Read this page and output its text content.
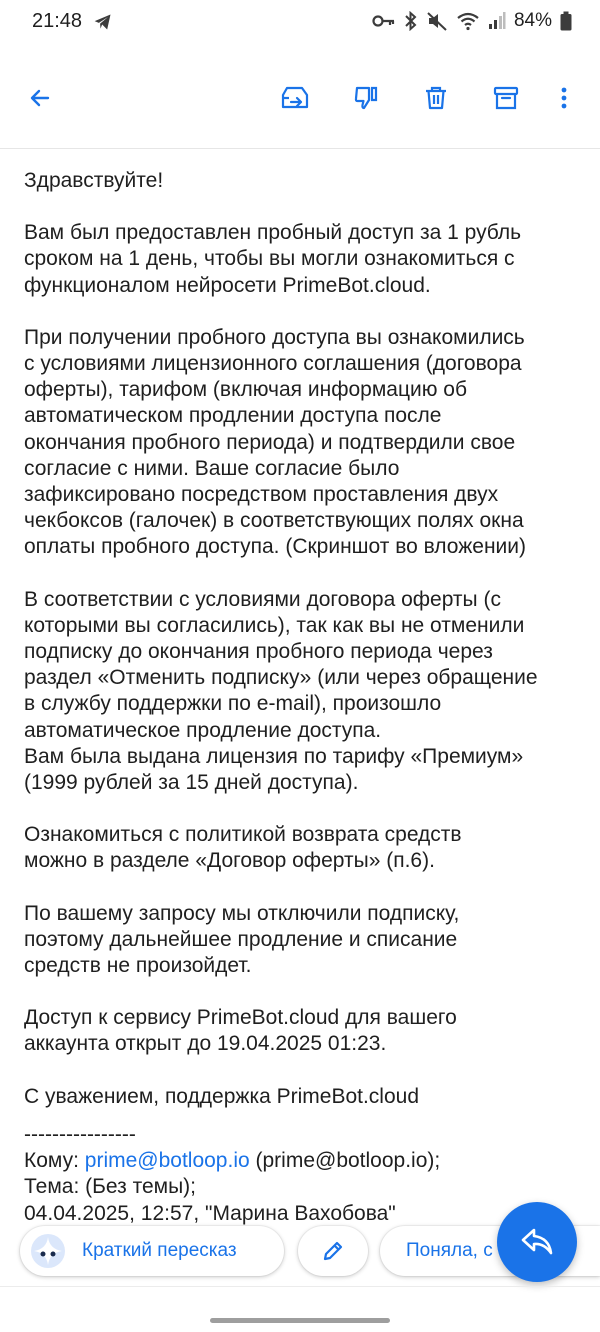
21:48	84%
Здравствуйте!
Вам был предоставлен пробный доступ за 1 рубль
сроком на 1 день, чтобы вы могли ознакомиться с
функционалом нейросети PrimeBot.cloud.
При получении пробного доступа вы ознакомились
с условиями лицензионного соглашения (договора
оферты), тарифом (включая информацию об
автоматическом продлении доступа после
окончания пробного периода) и подтвердили свое
согласие с ними. Ваше согласие было
зафиксировано посредством проставления двух
чекбоксов (галочек) в соответствующих полях окна
оплаты пробного доступа. (Скриншот во вложении)
В соответствии с условиями договора оферты (с
которыми вы согласились), так как вы не отменили
подписку до окончания пробного периода через
раздел «Отменить подписку» (или через обращение
в службу поддержки по e-mail), произошло
автоматическое продление доступа.
Вам была выдана лицензия по тарифу «Премиум»
(1999 рублей за 15 дней доступа).
Ознакомиться с политикой возврата средств
можно в разделе «Договор оферты» (п.6).
По вашему запросу мы отключили подписку,
поэтому дальнейшее продление и списание
средств не произойдет.
Доступ к сервису PrimeBot.cloud для вашего
аккаунта открыт до 19.04.2025 01:23.
С уважением, поддержка PrimeBot.cloud
----------------
Кому: prime@botloop.io (prime@botloop.io);
Тема: (Без темы);
04.04.2025, 12:57, "Марина Вахобова"
Краткий пересказ	Поняла, с
